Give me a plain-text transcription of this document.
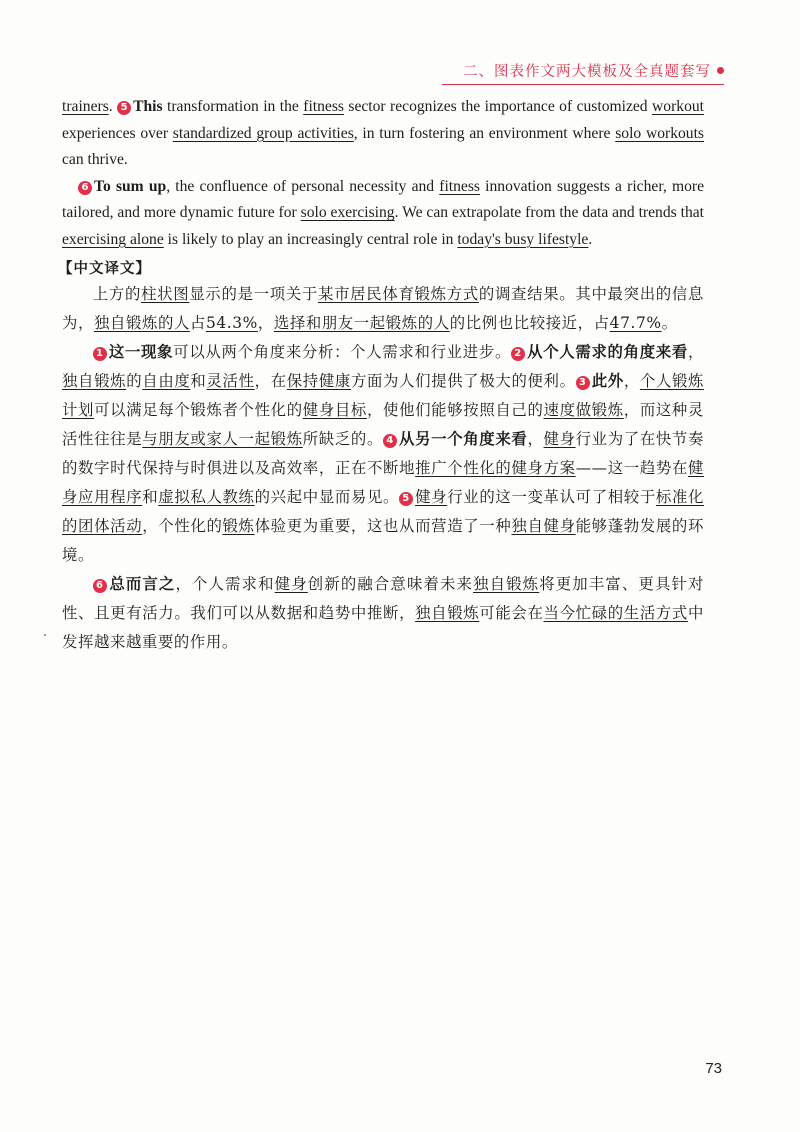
二、图表作文两大模板及全真题套写

trainers. 5 This transformation in the fitness sector recognizes the importance of customized workout experiences over standardized group activities, in turn fostering an environment where solo workouts can thrive.

6 To sum up, the confluence of personal necessity and fitness innovation suggests a richer, more tailored, and more dynamic future for solo exercising. We can extrapolate from the data and trends that exercising alone is likely to play an increasingly central role in today's busy lifestyle.

【中文译文】

上方的柱状图显示的是一项关于某市居民体育锻炼方式的调查结果。其中最突出的信息为，独自锻炼的人占54.3%，选择和朋友一起锻炼的人的比例也比较接近，占47.7%。

1 这一现象可以从两个角度来分析：个人需求和行业进步。 2 从个人需求的角度来看，独自锻炼的自由度和灵活性，在保持健康方面为人们提供了极大的便利。 3 此外，个人锻炼计划可以满足每个锻炼者个性化的健身目标，使他们能够按照自己的速度做锻炼，而这种灵活性往往是与朋友或家人一起锻炼所缺乏的。 4 从另一个角度来看，健身行业为了在快节奏的数字时代保持与时俱进以及高效率，正在不断地推广个性化的健身方案——这一趋势在健身应用程序和虚拟私人教练的兴起中显而易见。 5 健身行业的这一变革认可了相较于标准化的团体活动，个性化的锻炼体验更为重要，这也从而营造了一种独自健身能够蓬勃发展的环境。

6 总而言之，个人需求和健身创新的融合意味着未来独自锻炼将更加丰富、更具针对性、且更有活力。我们可以从数据和趋势中推断，独自锻炼可能会在当今忙碌的生活方式中发挥越来越重要的作用。

73
